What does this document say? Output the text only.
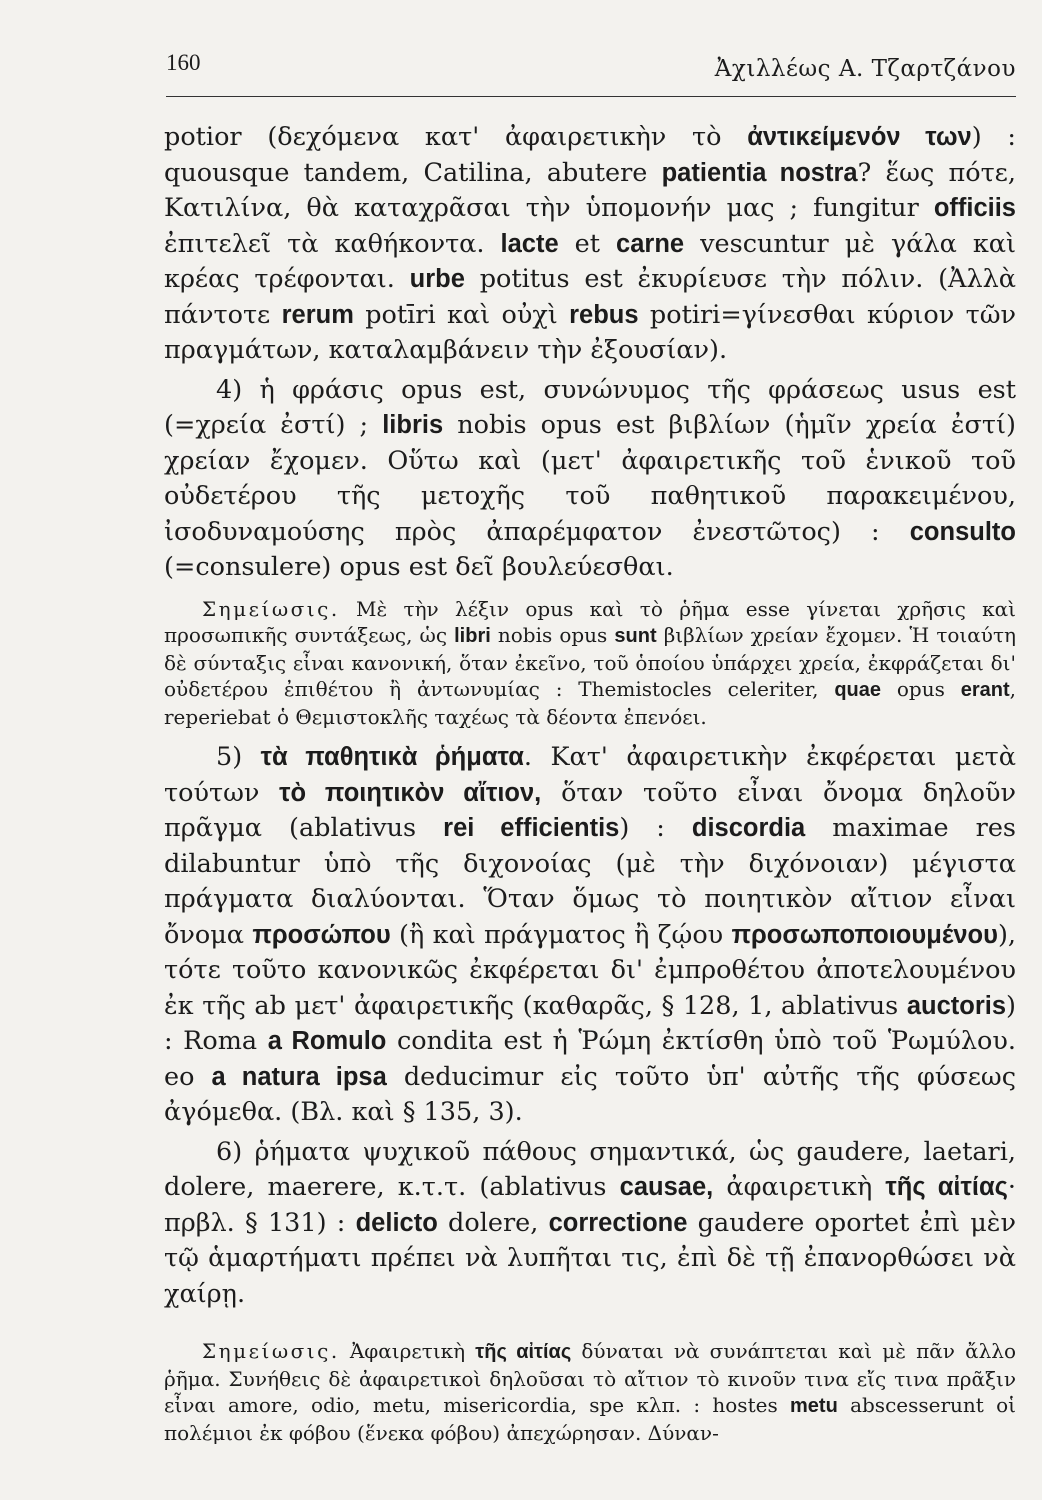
160	Ἀχιλλέως Α. Τζαρτζάνου

potior (δεχόμενα κατ' ἀφαιρετικὴν τὸ ἀντικείμενόν των) : quousque tandem, Catilina, abutere patientia nostra? ἕως πότε, Κατιλίνα, θὰ καταχρᾶσαι τὴν ὑπομονήν μας ; fungitur officiis ἐπιτελεῖ τὰ καθήκοντα. lacte et carne vescuntur μὲ γάλα καὶ κρέας τρέφονται. urbe potitus est ἐκυρίευσε τὴν πόλιν. (Ἀλλὰ πάντοτε rerum potīri καὶ οὐχὶ rebus potiri=γίνεσθαι κύριον τῶν πραγμάτων, καταλαμβάνειν τὴν ἐξουσίαν).

4) ἡ φράσις opus est, συνώνυμος τῆς φράσεως usus est (=χρεία ἐστί) ; libris nobis opus est βιβλίων (ἡμῖν χρεία ἐστί) χρείαν ἔχομεν. Οὕτω καὶ (μετ' ἀφαιρετικῆς τοῦ ἑνικοῦ τοῦ οὐδετέρου τῆς μετοχῆς τοῦ παθητικοῦ παρακειμένου, ἰσοδυναμούσης πρὸς ἀπαρέμφατον ἐνεστῶτος) : consulto (=consulere) opus est δεῖ βουλεύεσθαι.

Σημείωσις. Μὲ τὴν λέξιν opus καὶ τὸ ῥῆμα esse γίνεται χρῆσις καὶ προσωπικῆς συντάξεως, ὡς libri nobis opus sunt βιβλίων χρείαν ἔχομεν. Ἡ τοιαύτη δὲ σύνταξις εἶναι κανονική, ὅταν ἐκεῖνο, τοῦ ὁποίου ὑπάρχει χρεία, ἐκφράζεται δι' οὐδετέρου ἐπιθέτου ἢ ἀντωνυμίας : Themistocles celeriter, quae opus erant, reperiebat ὁ Θεμιστοκλῆς ταχέως τὰ δέοντα ἐπενόει.

5) τὰ παθητικὰ ῥήματα. Κατ' ἀφαιρετικὴν ἐκφέρεται μετὰ τούτων τὸ ποιητικὸν αἴτιον, ὅταν τοῦτο εἶναι ὄνομα δηλοῦν πρᾶγμα (ablativus rei efficientis) : discordia maximae res dilabuntur ὑπὸ τῆς διχονοίας (μὲ τὴν διχόνοιαν) μέγιστα πράγματα διαλύονται. Ὅταν ὅμως τὸ ποιητικὸν αἴτιον εἶναι ὄνομα προσώπου (ἢ καὶ πράγματος ἢ ζῴου προσωποποιουμένου), τότε τοῦτο κανονικῶς ἐκφέρεται δι' ἐμπροθέτου ἀποτελουμένου ἐκ τῆς ab μετ' ἀφαιρετικῆς (καθαρᾶς, § 128, 1, ablativus auctoris) : Roma a Romulo condita est ἡ Ῥώμη ἐκτίσθη ὑπὸ τοῦ Ῥωμύλου. eo a natura ipsa deducimur εἰς τοῦτο ὑπ' αὐτῆς τῆς φύσεως ἀγόμεθα. (Βλ. καὶ § 135, 3).

6) ῥήματα ψυχικοῦ πάθους σημαντικά, ὡς gaudere, laetari, dolere, maerere, κ.τ.τ. (ablativus causae, ἀφαιρετικὴ τῆς αἰτίας· πρβλ. § 131) : delicto dolere, correctione gaudere oportet ἐπὶ μὲν τῷ ἁμαρτήματι πρέπει νὰ λυπῆται τις, ἐπὶ δὲ τῇ ἐπανορθώσει νὰ χαίρῃ.

Σημείωσις. Ἀφαιρετικὴ τῆς αἰτίας δύναται νὰ συνάπτεται καὶ μὲ πᾶν ἄλλο ῥῆμα. Συνήθεις δὲ ἀφαιρετικοὶ δηλοῦσαι τὸ αἴτιον τὸ κινοῦν τινα εἴς τινα πρᾶξιν εἶναι amore, odio, metu, misericordia, spe κλπ. : hostes metu abscesserunt οἱ πολέμιοι ἐκ φόβου (ἕνεκα φόβου) ἀπεχώρησαν. Δύναν-
